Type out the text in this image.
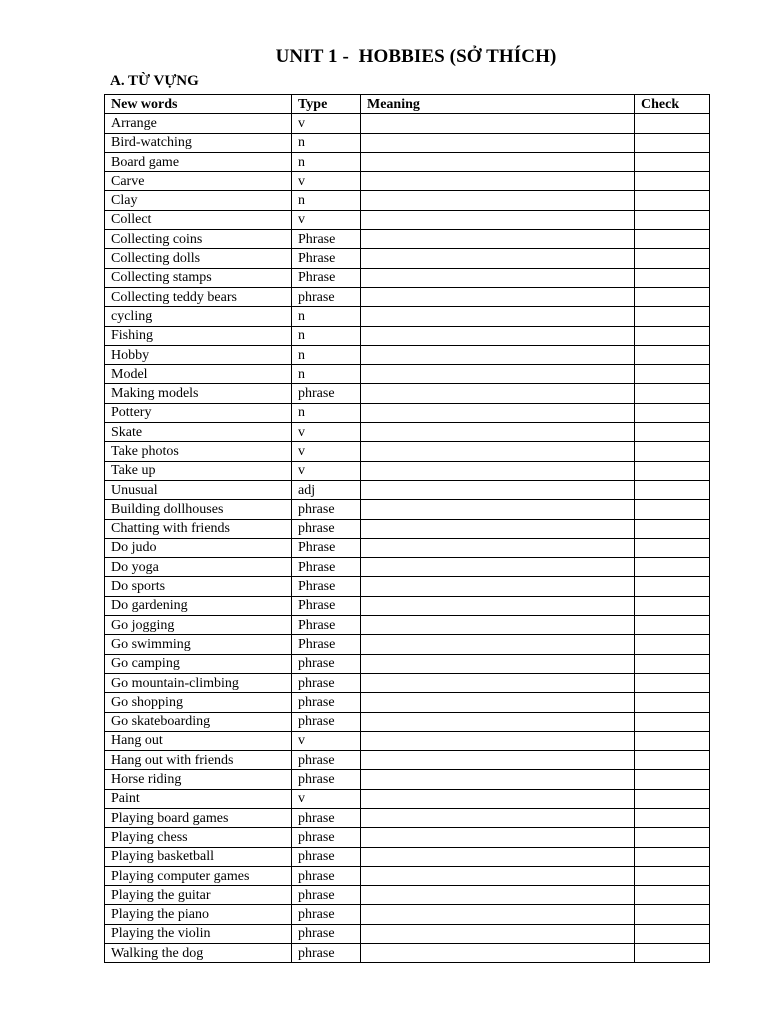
UNIT 1 -  HOBBIES (SỞ THÍCH)
A. TỪ VỰNG
New words	Type	Meaning	Check
Arrange	v		
Bird-watching	n		
Board game	n		
Carve	v		
Clay	n		
Collect	v		
Collecting coins	Phrase		
Collecting dolls	Phrase		
Collecting stamps	Phrase		
Collecting teddy bears	phrase		
cycling	n		
Fishing	n		
Hobby	n		
Model	n		
Making models	phrase		
Pottery	n		
Skate	v		
Take photos	v		
Take up	v		
Unusual	adj		
Building dollhouses	phrase		
Chatting with friends	phrase		
Do judo	Phrase		
Do yoga	Phrase		
Do sports	Phrase		
Do gardening	Phrase		
Go jogging	Phrase		
Go swimming	Phrase		
Go camping	phrase		
Go mountain-climbing	phrase		
Go shopping	phrase		
Go skateboarding	phrase		
Hang out	v		
Hang out with friends	phrase		
Horse riding	phrase		
Paint	v		
Playing board games	phrase		
Playing chess	phrase		
Playing basketball	phrase		
Playing computer games	phrase		
Playing the guitar	phrase		
Playing the piano	phrase		
Playing the violin	phrase		
Walking the dog	phrase		
